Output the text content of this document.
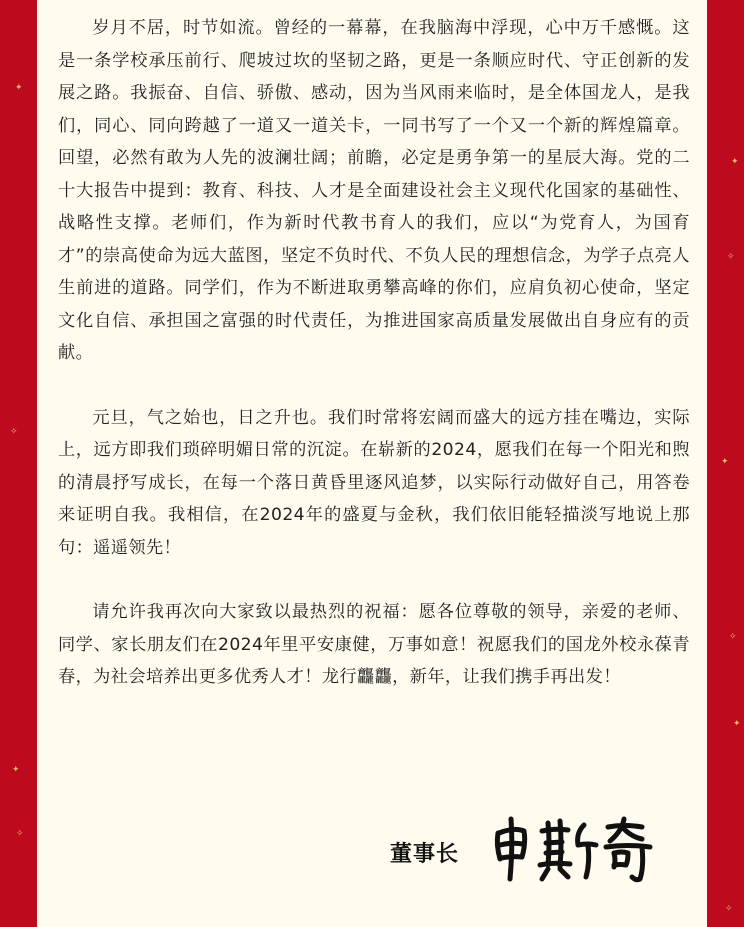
✦
✧
✦
✧
✦
✧
✦
✧
✦
✧

岁月不居，时节如流。曾经的一幕幕，在我脑海中浮现，心中万千感慨。这是一条学校承压前行、爬坡过坎的坚韧之路，更是一条顺应时代、守正创新的发展之路。我振奋、自信、骄傲、感动，因为当风雨来临时，是全体国龙人，是我们，同心、同向跨越了一道又一道关卡，一同书写了一个又一个新的辉煌篇章。回望，必然有敢为人先的波澜壮阔；前瞻，必定是勇争第一的星辰大海。党的二十大报告中提到：教育、科技、人才是全面建设社会主义现代化国家的基础性、战略性支撑。老师们，作为新时代教书育人的我们，应以“为党育人，为国育才”的崇高使命为远大蓝图，坚定不负时代、不负人民的理想信念，为学子点亮人生前进的道路。同学们，作为不断进取勇攀高峰的你们，应肩负初心使命，坚定文化自信、承担国之富强的时代责任，为推进国家高质量发展做出自身应有的贡献。

元旦，气之始也，日之升也。我们时常将宏阔而盛大的远方挂在嘴边，实际上，远方即我们琐碎明媚日常的沉淀。在崭新的2024，愿我们在每一个阳光和煦的清晨抒写成长，在每一个落日黄昏里逐风追梦，以实际行动做好自己，用答卷来证明自我。我相信，在2024年的盛夏与金秋，我们依旧能轻描淡写地说上那句：遥遥领先！

请允许我再次向大家致以最热烈的祝福：愿各位尊敬的领导，亲爱的老师、同学、家长朋友们在2024年里平安康健，万事如意！祝愿我们的国龙外校永葆青春，为社会培养出更多优秀人才！龙行龘龘，新年，让我们携手再出发！

董事长
